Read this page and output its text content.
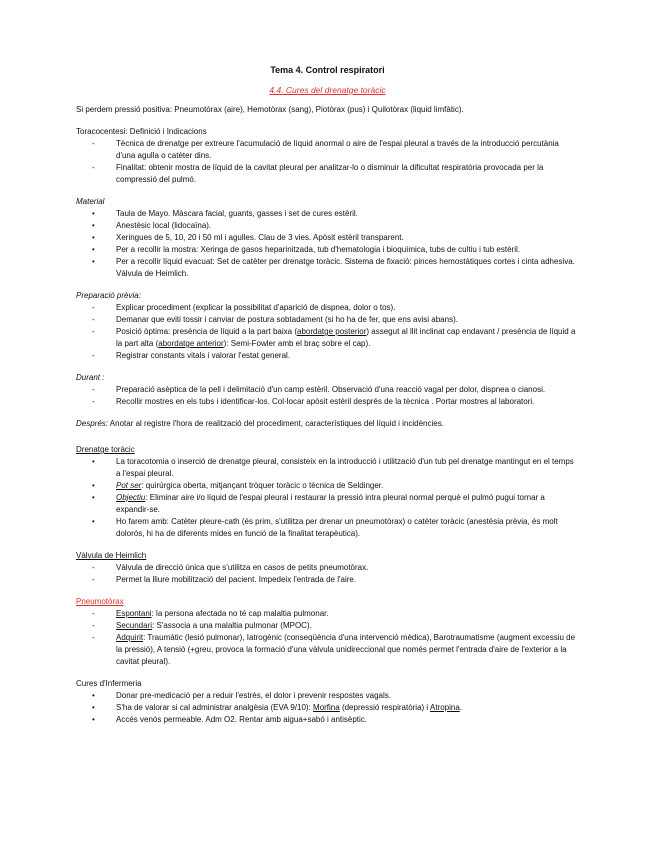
Tema 4. Control respiratori

4.4. Cures del drenatge toràcic

Si perdem pressió positiva: Pneumotòrax (aire), Hemotòrax (sang), Piotòrax (pus) i Quilotòrax (liquid limfàtic).

Toracocentesi: Definició i Indicacions

-	Tècnica de drenatge per extreure l'acumulació de líquid anormal o aire de l'espai pleural a través de la introducció percutània d'una agulla o catèter dins.
-	Finalitat: obtenir mostra de líquid de la cavitat pleural per analitzar-lo o disminuir la dificultat respiratòria provocada per la compressió del pulmó.

Material

•	Taula de Mayo. Màscara facial, guants, gasses i set de cures estèril.
•	Anestèsic local (lidocaïna).
•	Xeringues de 5, 10, 20 i 50 ml i agulles. Clau de 3 vies. Apòsit estèril transparent.
•	Per a recollir la mostra: Xeringa de gasos heparinitzada, tub d'hematologia i bioquímica, tubs de cultiu i tub estèril.
•	Per a recollir líquid evacuat: Set de catèter per drenatge toràcic. Sistema de fixació: pinces hemostàtiques cortes i cinta adhesiva. Vàlvula de Heimlich.

Preparació prèvia:

-	Explicar procediment (explicar la possibilitat d'aparició de dispnea, dolor o tos).
-	Demanar que eviti tossir i canviar de postura sobtadament (si ho ha de fer, que ens avisi abans).
-	Posició òptima: presència de líquid a la part baixa (abordatge posterior) assegut al llit inclinat cap endavant / presència de líquid a la part alta (abordatge anterior): Semi-Fowler amb el braç sobre el cap).
-	Registrar constants vitals i valorar l'estat general.

Durant :

-	Preparació asèptica de la pell i delimitació d'un camp estèril. Observació d'una reacció vagal per dolor, dispnea o cianosi.
-	Recollir mostres en els tubs i identificar-los. Col·locar apòsit estèril després de la tècnica . Portar mostres al laboratori.

Després: Anotar al registre l'hora de realització del procediment, característiques del líquid i incidències.

Drenatge toràcic

•	La toracotomia o inserció de drenatge pleural, consisteix en la introducció i utilització d'un tub pel drenatge mantingut en el temps a l'espai pleural.
•	Pot ser: quirúrgica oberta, mitjançant tròquer toràcic o tècnica de Seldinger.
•	Objectiu: Eliminar aire i/o líquid de l'espai pleural i restaurar la pressió intra pleural normal perquè el pulmó pugui tornar a expandir-se.
•	Ho farem amb: Catèter pleure-cath (és prim, s'utilitza per drenar un pneumotòrax) o catèter toràcic (anestèsia prèvia, és molt dolorós, hi ha de diferents mides en funció de la finalitat terapèutica).

Vàlvula de Heimlich

-	Vàlvula de direcció única que s'utilitza en casos de petits pneumotòrax.
-	Permet la lliure mobilització del pacient. Impedeix l'entrada de l'aire.

Pneumotòrax

-	Espontani: la persona afectada no té cap malaltia pulmonar.
-	Secundari: S'associa a una malaltia pulmonar (MPOC).
-	Adquirit: Traumàtic (lesió pulmonar), Iatrogènic (conseqüència d'una intervenció mèdica), Barotraumatisme (augment excessiu de la pressió), A tensió (+greu, provoca la formació d'una vàlvula unidireccional que només permet l'entrada d'aire de l'exterior a la cavitat pleural).

Cures d'Infermeria

•	Donar pre-medicació per a reduir l'estrès, el dolor i prevenir respostes vagals.
•	S'ha de valorar si cal administrar analgèsia (EVA 9/10): Morfina (depressió respiratòria) i Atropina.
•	Accés venós permeable. Adm O2. Rentar amb aigua+sabó i antisèptic.
